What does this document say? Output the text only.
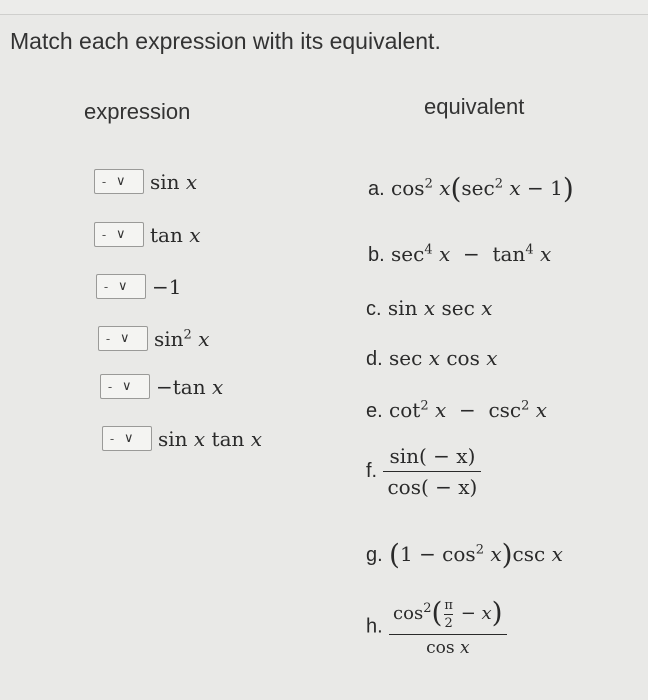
Match each expression with its equivalent.
expression	equivalent
- ∨ sin x
- ∨ tan x
- ∨ −1
- ∨ $\sin^2 x$
- ∨ −tan x
- ∨ sin x tan x
a. $\cos^2 x(\sec^2$ x − 1)
b. $\sec^4 x - \tan^4 x$
c. sin x sec x
d. sec x cos x
e. $\cot^2 x - \csc^2 x$
f. $\frac{\sin( - x)}{\cos( - x)}$
g. $(1 - \cos^2 x)\csc$ x
h. $\frac{\cos^2( \frac{\pi}{2} - x)}{\text{cos x}}$
